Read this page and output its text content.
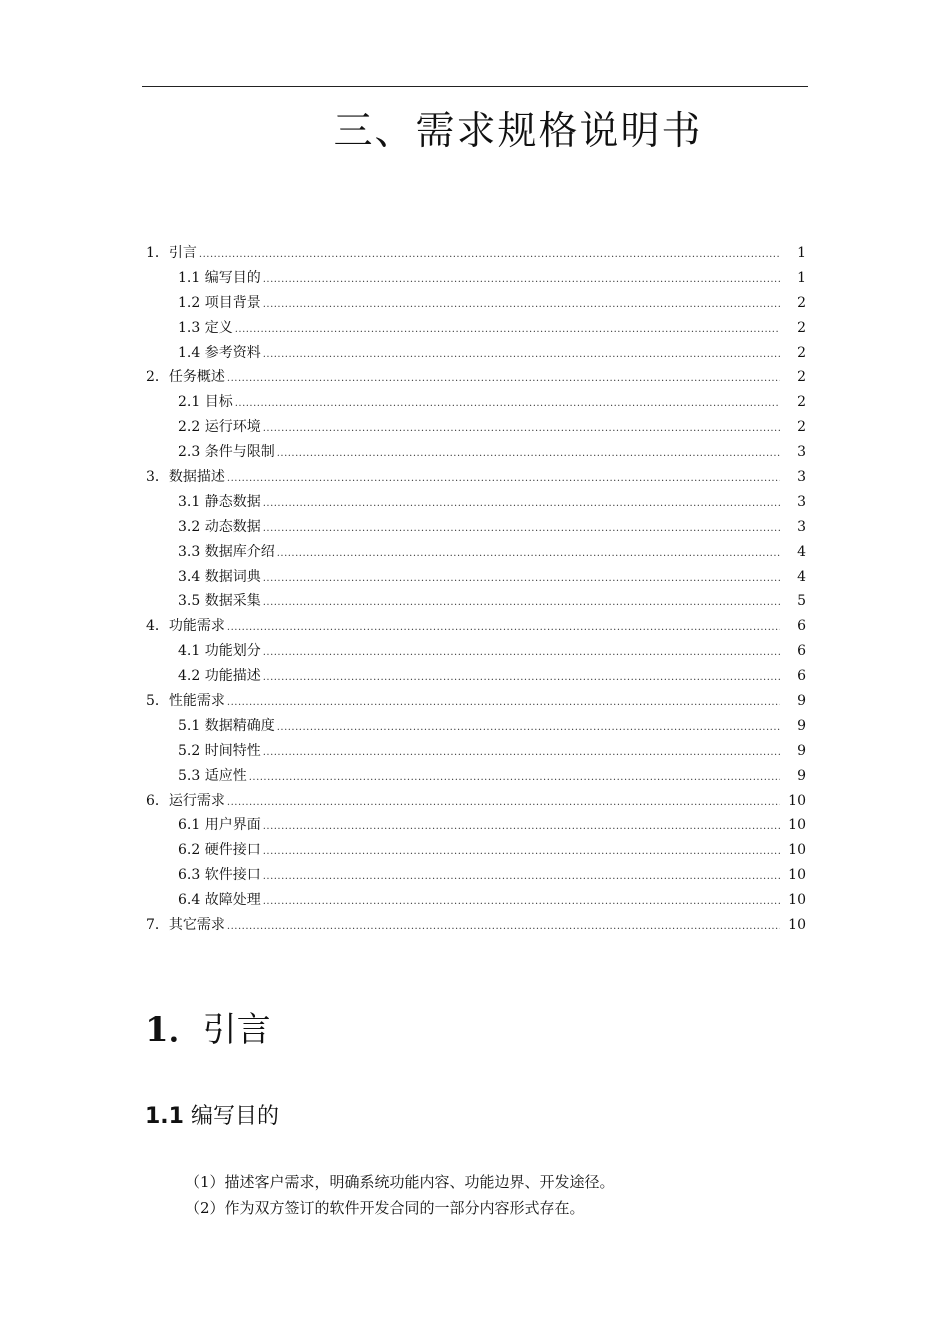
三、需求规格说明书
1． 引言 .....	1
1.1 编写目的 .....	1
1.2 项目背景 .....	2
1.3 定义 .....	2
1.4 参考资料 .....	2
2． 任务概述 .....	2
2.1 目标 .....	2
2.2 运行环境 .....	2
2.3 条件与限制 .....	3
3． 数据描述 .....	3
3.1 静态数据 .....	3
3.2 动态数据 .....	3
3.3 数据库介绍 .....	4
3.4 数据词典 .....	4
3.5 数据采集 .....	5
4． 功能需求 .....	6
4.1 功能划分 .....	6
4.2 功能描述 .....	6
5． 性能需求 .....	9
5.1 数据精确度 .....	9
5.2 时间特性 .....	9
5.3 适应性 .....	9
6． 运行需求 .....	10
6.1 用户界面 .....	10
6.2 硬件接口 .....	10
6.3 软件接口 .....	10
6.4 故障处理 .....	10
7． 其它需求 .....	10
1．引言
1.1 编写目的
（1）描述客户需求，明确系统功能内容、功能边界、开发途径。
（2）作为双方签订的软件开发合同的一部分内容形式存在。
